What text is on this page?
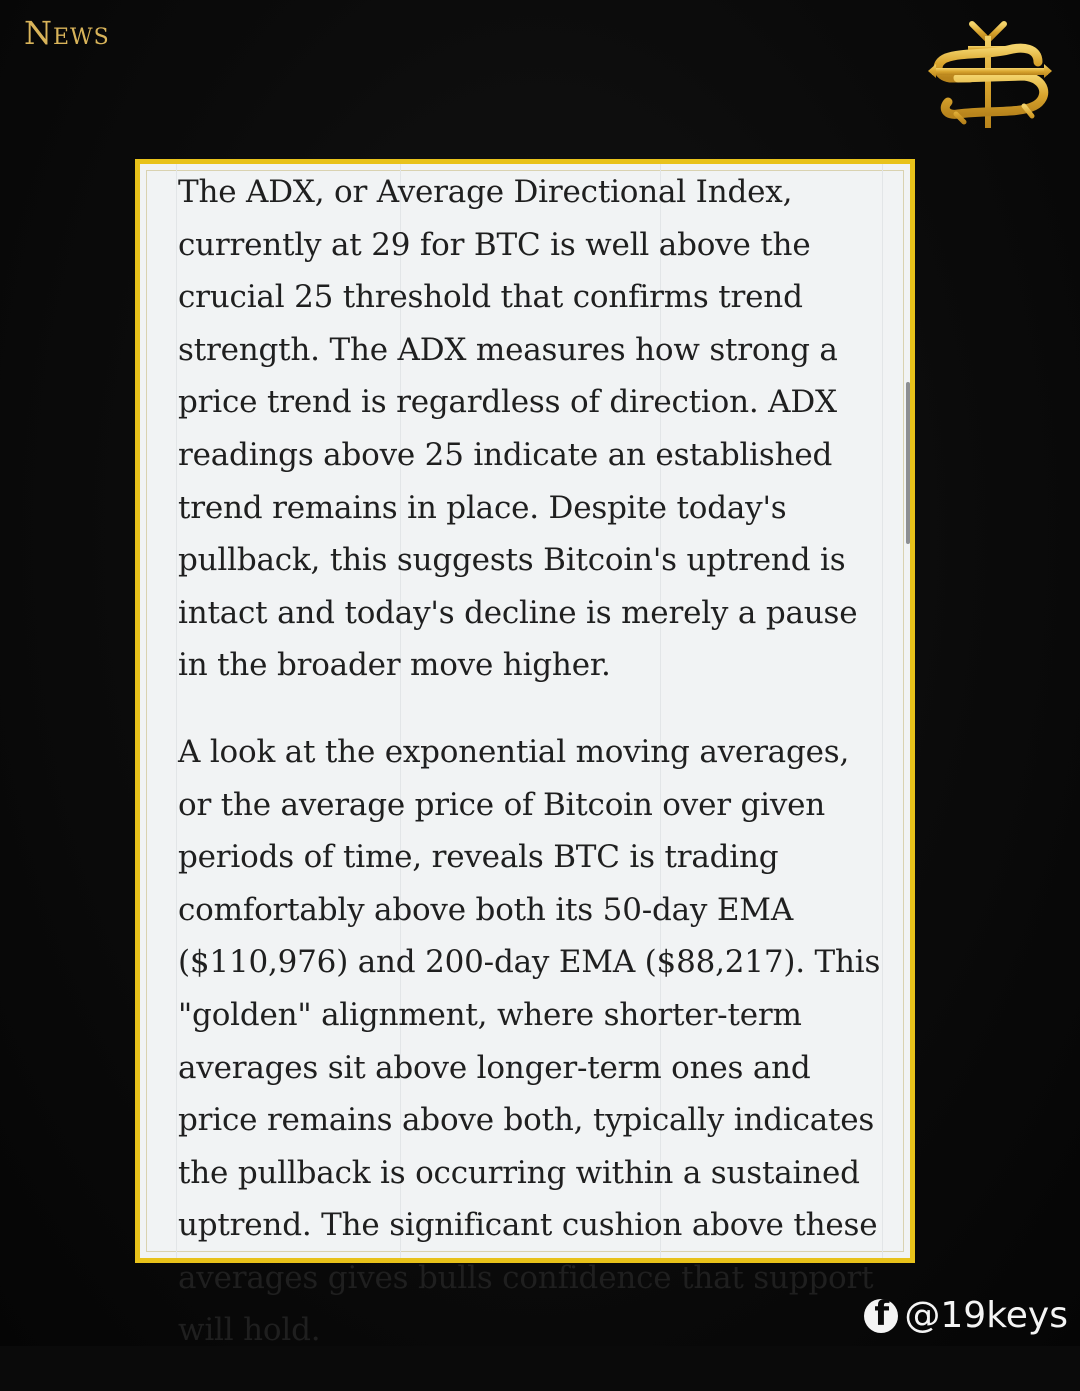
News

The ADX, or Average Directional Index, currently at 29 for BTC is well above the crucial 25 threshold that confirms trend strength. The ADX measures how strong a price trend is regardless of direction. ADX readings above 25 indicate an established trend remains in place. Despite today's pullback, this suggests Bitcoin's uptrend is intact and today's decline is merely a pause in the broader move higher.

A look at the exponential moving averages, or the average price of Bitcoin over given periods of time, reveals BTC is trading comfortably above both its 50-day EMA ($110,976) and 200-day EMA ($88,217). This "golden" alignment, where shorter-term averages sit above longer-term ones and price remains above both, typically indicates the pullback is occurring within a sustained uptrend. The significant cushion above these averages gives bulls confidence that support will hold.

f	@19keys
